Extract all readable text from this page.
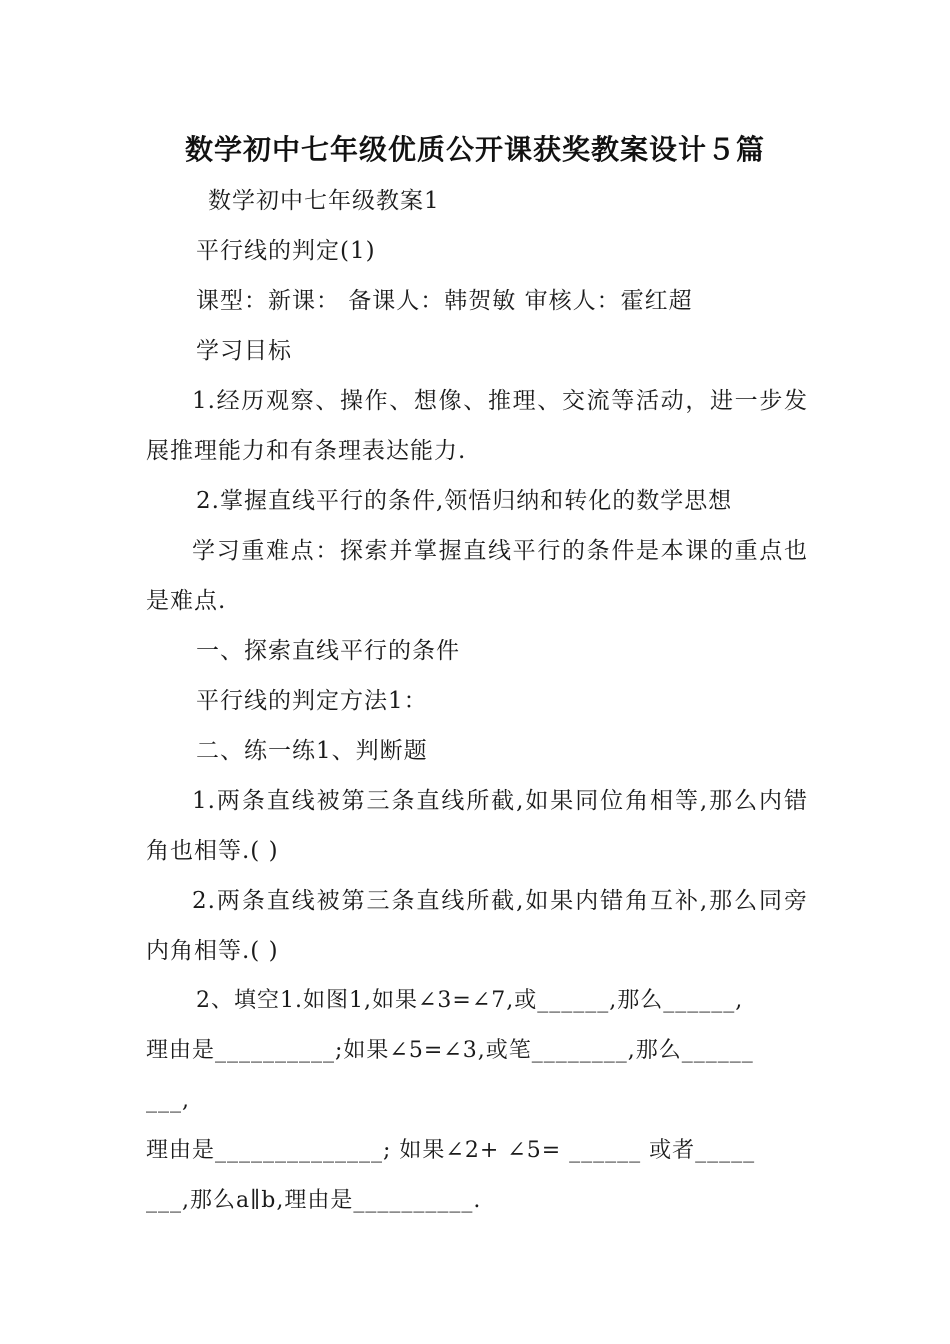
数学初中七年级优质公开课获奖教案设计５篇
数学初中七年级教案1
平行线的判定(1)
课型：新课： 备课人：韩贺敏 审核人：霍红超
学习目标
1.经历观察、操作、想像、推理、交流等活动，进一步发展推理能力和有条理表达能力.
2.掌握直线平行的条件,领悟归纳和转化的数学思想
学习重难点：探索并掌握直线平行的条件是本课的重点也是难点.
一、探索直线平行的条件
平行线的判定方法1：
二、练一练1、判断题
1.两条直线被第三条直线所截,如果同位角相等,那么内错角也相等.( )
2.两条直线被第三条直线所截,如果内错角互补,那么同旁内角相等.( )
2、填空1.如图1,如果∠3=∠7,或______,那么______,
理由是__________;如果∠5=∠3,或笔________,那么______
___,
理由是______________; 如果∠2+ ∠5= ______ 或者_____
___,那么a∥b,理由是__________.
